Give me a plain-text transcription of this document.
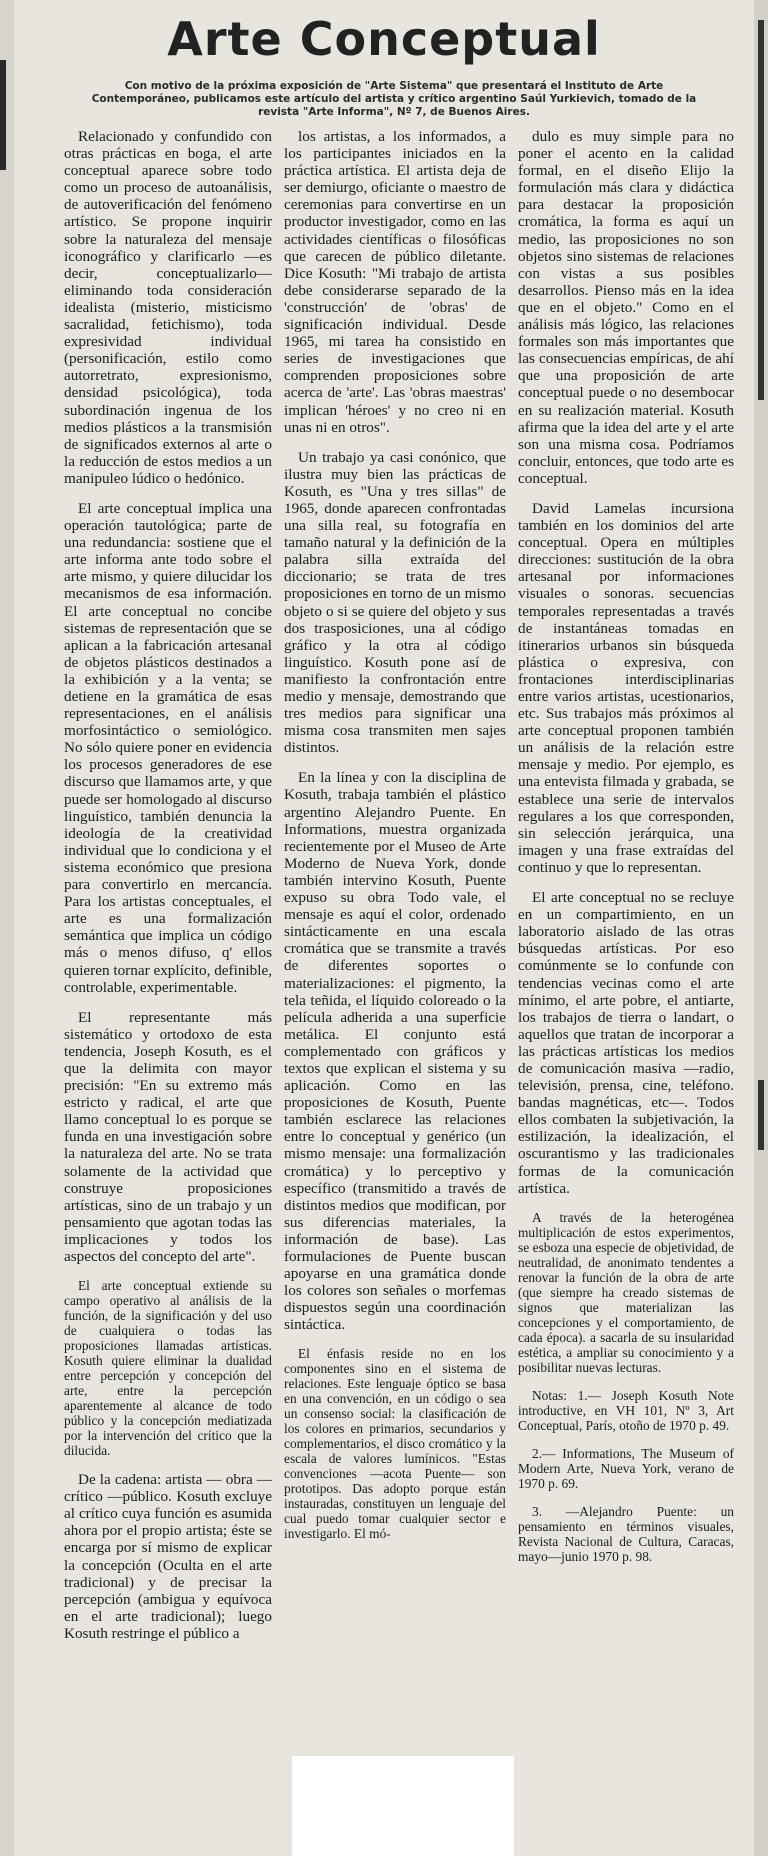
Arte Conceptual
Con motivo de la próxima exposición de "Arte Sistema" que presentará el Instituto de Arte Contemporáneo, publicamos este artículo del artista y crítico argentino Saúl Yurkievich, tomado de la revista "Arte Informa", Nº 7, de Buenos Aires.

Relacionado y confundido con otras prácticas en boga, el arte conceptual aparece sobre todo como un proceso de autoanálisis, de autoverificación del fenómeno artístico. Se propone inquirir sobre la naturaleza del mensaje iconográfico y clarificarlo —es decir, conceptualizarlo— eliminando toda consideración idealista (misterio, misticismo sacralidad, fetichismo), toda expresividad individual (personificación, estilo como autorretrato, expresionismo, densidad psicológica), toda subordinación ingenua de los medios plásticos a la transmisión de significados externos al arte o la reducción de estos medios a un manipuleo lúdico o hedónico.

El arte conceptual implica una operación tautológica; parte de una redundancia: sostiene que el arte informa ante todo sobre el arte mismo, y quiere dilucidar los mecanismos de esa información. El arte conceptual no concibe sistemas de representación que se aplican a la fabricación artesanal de objetos plásticos destinados a la exhibición y a la venta; se detiene en la gramática de esas representaciones, en el análisis morfosintáctico o semiológico. No sólo quiere poner en evidencia los procesos generadores de ese discurso que llamamos arte, y que puede ser homologado al discurso linguístico, también denuncia la ideología de la creatividad individual que lo condiciona y el sistema económico que presiona para convertirlo en mercancía. Para los artistas conceptuales, el arte es una formalización semántica que implica un código más o menos difuso, q' ellos quieren tornar explícito, definible, controlable, experimentable.

El representante más sistemático y ortodoxo de esta tendencia, Joseph Kosuth, es el que la delimita con mayor precisión: "En su extremo más estricto y radical, el arte que llamo conceptual lo es porque se funda en una investigación sobre la naturaleza del arte. No se trata solamente de la actividad que construye proposiciones artísticas, sino de un trabajo y un pensamiento que agotan todas las implicaciones y todos los aspectos del concepto del arte".

El arte conceptual extiende su campo operativo al análisis de la función, de la significación y del uso de cualquiera o todas las proposiciones llamadas artísticas. Kosuth quiere eliminar la dualidad entre percepción y concepción del arte, entre la percepción aparentemente al alcance de todo público y la concepción mediatizada por la intervención del crítico que la dilucida.

De la cadena: artista — obra — crítico —público. Kosuth excluye al crítico cuya función es asumida ahora por el propio artista; éste se encarga por sí mismo de explicar la concepción (Oculta en el arte tradicional) y de precisar la percepción (ambigua y equívoca en el arte tradicional); luego Kosuth restringe el público a

los artistas, a los informados, a los participantes iniciados en la práctica artística. El artista deja de ser demiurgo, oficiante o maestro de ceremonias para convertirse en un productor investigador, como en las actividades científicas o filosóficas que carecen de público diletante. Dice Kosuth: "Mi trabajo de artista debe considerarse separado de la 'construcción' de 'obras' de significación individual. Desde 1965, mi tarea ha consistido en series de investigaciones que comprenden proposiciones sobre acerca de 'arte'. Las 'obras maestras' implican 'héroes' y no creo ni en unas ni en otros".

Un trabajo ya casi conónico, que ilustra muy bien las prácticas de Kosuth, es "Una y tres sillas" de 1965, donde aparecen confrontadas una silla real, su fotografía en tamaño natural y la definición de la palabra silla extraída del diccionario; se trata de tres proposiciones en torno de un mismo objeto o si se quiere del objeto y sus dos trasposiciones, una al código gráfico y la otra al código linguístico. Kosuth pone así de manifiesto la confrontación entre medio y mensaje, demostrando que tres medios para significar una misma cosa transmiten men sajes distintos.

En la línea y con la disciplina de Kosuth, trabaja también el plástico argentino Alejandro Puente. En Informations, muestra organizada recientemente por el Museo de Arte Moderno de Nueva York, donde también intervino Kosuth, Puente expuso su obra Todo vale, el mensaje es aquí el color, ordenado sintácticamente en una escala cromática que se transmite a través de diferentes soportes o materializaciones: el pigmento, la tela teñida, el líquido coloreado o la película adherida a una superficie metálica. El conjunto está complementado con gráficos y textos que explican el sistema y su aplicación. Como en las proposiciones de Kosuth, Puente también esclarece las relaciones entre lo conceptual y genérico (un mismo mensaje: una formalización cromática) y lo perceptivo y específico (transmitido a través de distintos medios que modifican, por sus diferencias materiales, la información de base). Las formulaciones de Puente buscan apoyarse en una gramática donde los colores son señales o morfemas dispuestos según una coordinación sintáctica.

El énfasis reside no en los componentes sino en el sistema de relaciones. Este lenguaje óptico se basa en una convención, en un código o sea un consenso social: la clasificación de los colores en primarios, secundarios y complementarios, el disco cromático y la escala de valores lumínicos. "Estas convenciones —acota Puente— son prototipos. Das adopto porque están instauradas, constituyen un lenguaje del cual puedo tomar cualquier sector e investigarlo. El mó-

dulo es muy simple para no poner el acento en la calidad formal, en el diseño Elijo la formulación más clara y didáctica para destacar la proposición cromática, la forma es aquí un medio, las proposiciones no son objetos sino sistemas de relaciones con vistas a sus posibles desarrollos. Pienso más en la idea que en el objeto." Como en el análisis más lógico, las relaciones formales son más importantes que las consecuencias empíricas, de ahí que una proposición de arte conceptual puede o no desembocar en su realización material. Kosuth afirma que la idea del arte y el arte son una misma cosa. Podríamos concluir, entonces, que todo arte es conceptual.

David Lamelas incursiona también en los dominios del arte conceptual. Opera en múltiples direcciones: sustitución de la obra artesanal por informaciones visuales o sonoras. secuencias temporales representadas a través de instantáneas tomadas en itinerarios urbanos sin búsqueda plástica o expresiva, con frontaciones interdisciplinarias entre varios artistas, ucestionarios, etc. Sus trabajos más próximos al arte conceptual proponen también un análisis de la relación estre mensaje y medio. Por ejemplo, es una entevista filmada y grabada, se establece una serie de intervalos regulares a los que corresponden, sin selección jerárquica, una imagen y una frase extraídas del continuo y que lo representan.

El arte conceptual no se recluye en un compartimiento, en un laboratorio aislado de las otras búsquedas artísticas. Por eso comúnmente se lo confunde con tendencias vecinas como el arte mínimo, el arte pobre, el antiarte, los trabajos de tierra o landart, o aquellos que tratan de incorporar a las prácticas artísticas los medios de comunicación masiva —radio, televisión, prensa, cine, teléfono. bandas magnéticas, etc—. Todos ellos combaten la subjetivación, la estilización, la idealización, el oscurantismo y las tradicionales formas de la comunicación artística.

A través de la heterogénea multiplicación de estos experimentos, se esboza una especie de objetividad, de neutralidad, de anonimato tendentes a renovar la función de la obra de arte (que siempre ha creado sistemas de signos que materializan las concepciones y el comportamiento, de cada época). a sacarla de su insularidad estética, a ampliar su conocimiento y a posibilitar nuevas lecturas.

Notas: 1.— Joseph Kosuth Note introductive, en VH 101, Nº 3, Art Conceptual, París, otoño de 1970 p. 49.

2.— Informations, The Museum of Modern Arte, Nueva York, verano de 1970 p. 69.

3. —Alejandro Puente: un pensamiento en términos visuales, Revista Nacional de Cultura, Caracas, mayo—junio 1970 p. 98.
